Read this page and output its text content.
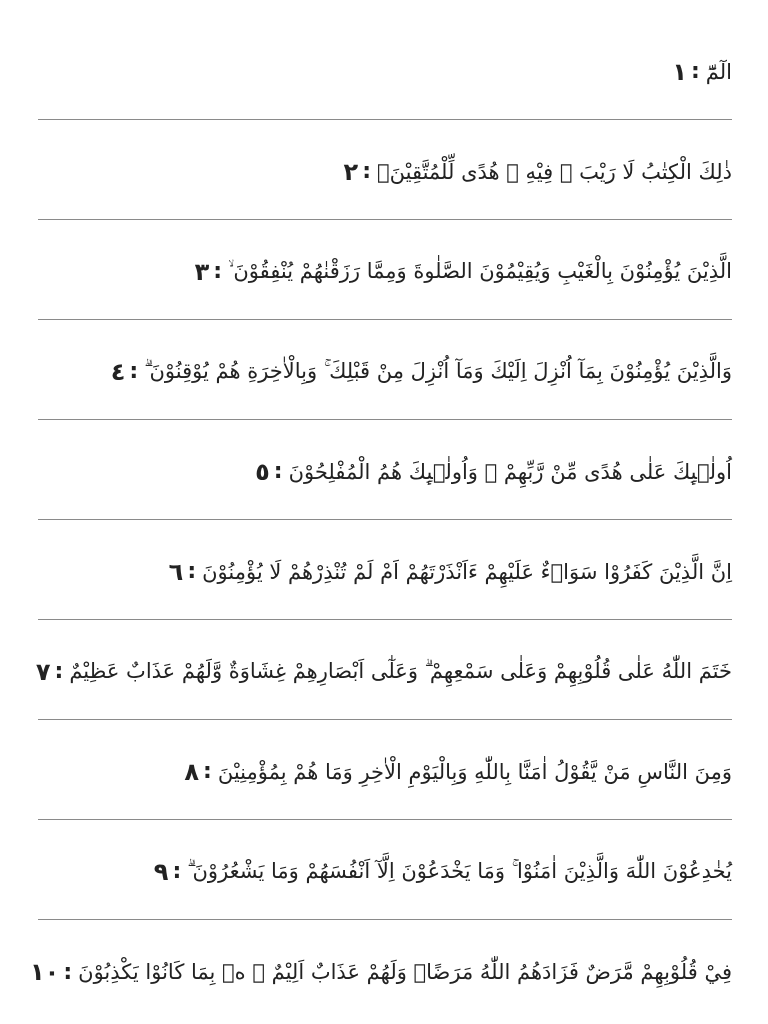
الٓمّٓ
:
١
ذٰلِكَ الْكِتٰبُ لَا رَيْبَ ۛ فِيْهِ ۛ هُدًى لِّلْمُتَّقِيْنَۙ
:
٢
الَّذِيْنَ يُؤْمِنُوْنَ بِالْغَيْبِ وَيُقِيْمُوْنَ الصَّلٰوةَ وَمِمَّا رَزَقْنٰهُمْ يُنْفِقُوْنَ ۙ
:
٣
وَالَّذِيْنَ يُؤْمِنُوْنَ بِمَآ اُنْزِلَ اِلَيْكَ وَمَآ اُنْزِلَ مِنْ قَبْلِكَ ۚ وَبِالْاٰخِرَةِ هُمْ يُوْقِنُوْنَ ۗ
:
٤
اُولٰۤىِٕكَ عَلٰى هُدًى مِّنْ رَّبِّهِمْ ۙ وَاُولٰۤىِٕكَ هُمُ الْمُفْلِحُوْنَ
:
٥
اِنَّ الَّذِيْنَ كَفَرُوْا سَوَاۤءٌ عَلَيْهِمْ ءَاَنْذَرْتَهُمْ اَمْ لَمْ تُنْذِرْهُمْ لَا يُؤْمِنُوْنَ
:
٦
خَتَمَ اللّٰهُ عَلٰى قُلُوْبِهِمْ وَعَلٰى سَمْعِهِمْ ۗ وَعَلٰٓى اَبْصَارِهِمْ غِشَاوَةٌ وَّلَهُمْ عَذَابٌ عَظِيْمٌ
:
٧
وَمِنَ النَّاسِ مَنْ يَّقُوْلُ اٰمَنَّا بِاللّٰهِ وَبِالْيَوْمِ الْاٰخِرِ وَمَا هُمْ بِمُؤْمِنِيْنَ
:
٨
يُخٰدِعُوْنَ اللّٰهَ وَالَّذِيْنَ اٰمَنُوْا ۚ وَمَا يَخْدَعُوْنَ اِلَّآ اَنْفُسَهُمْ وَمَا يَشْعُرُوْنَ ۗ
:
٩
فِيْ قُلُوْبِهِمْ مَّرَضٌ فَزَادَهُمُ اللّٰهُ مَرَضًاۚ وَلَهُمْ عَذَابٌ اَلِيْمٌ ۙ ەۢ بِمَا كَانُوْا يَكْذِبُوْنَ
:
١٠
